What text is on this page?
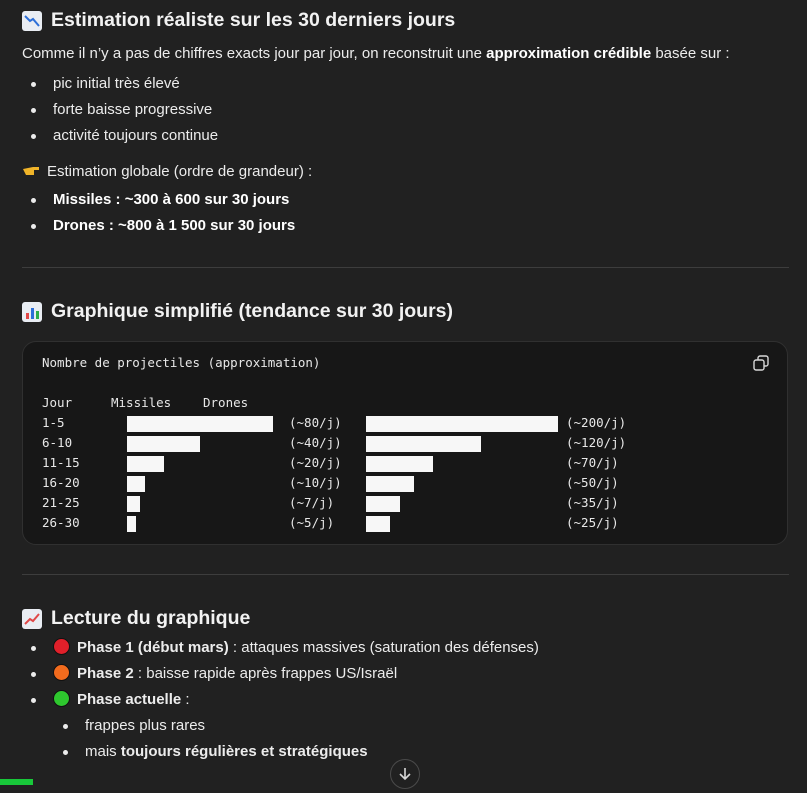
Estimation réaliste sur les 30 derniers jours
Comme il n’y a pas de chiffres exacts jour par jour, on reconstruit une approximation crédible basée sur :
pic initial très élevé
forte baisse progressive
activité toujours continue
Estimation globale (ordre de grandeur) :
Missiles : ~300 à 600 sur 30 jours
Drones : ~800 à 1 500 sur 30 jours
Graphique simplifié (tendance sur 30 jours)
Nombre de projectiles (approximation)
Jour	Missiles	Drones
1-5	(~80/j)	(~200/j)
6-10	(~40/j)	(~120/j)
11-15	(~20/j)	(~70/j)
16-20	(~10/j)	(~50/j)
21-25	(~7/j)	(~35/j)
26-30	(~5/j)	(~25/j)
Lecture du graphique
Phase 1 (début mars) : attaques massives (saturation des défenses)
Phase 2 : baisse rapide après frappes US/Israël
Phase actuelle :
frappes plus rares
mais toujours régulières et stratégiques
